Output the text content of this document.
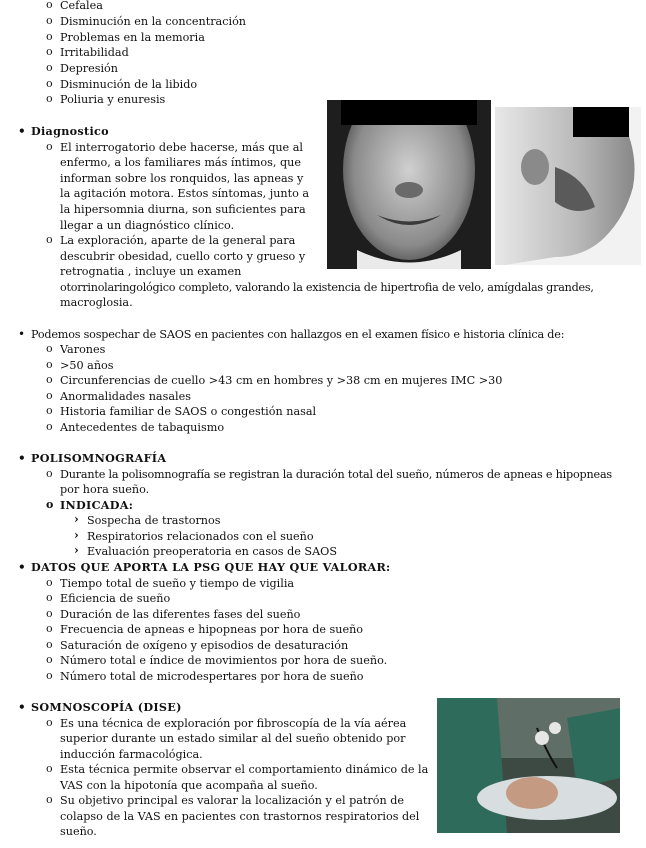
o Cefalea
o Disminución en la concentración
o Problemas en la memoria
o Irritabilidad
o Depresión
o Disminución de la libido
o Poliuria y enuresis
• Diagnostico
o El interrogatorio debe hacerse, más que al
enfermo, a los familiares más íntimos, que
informan sobre los ronquidos, las apneas y
la agitación motora. Estos síntomas, junto a
la hipersomnia diurna, son suficientes para
llegar a un diagnóstico clínico.
o La exploración, aparte de la general para
descubrir obesidad, cuello corto y grueso y
retrognatia , incluye un examen
otorrinolaringológico completo, valorando la existencia de hipertrofia de velo, amígdalas grandes,
macroglosia.
• Podemos sospechar de SAOS en pacientes con hallazgos en el examen físico e historia clínica de:
o Varones
o >50 años
o Circunferencias de cuello >43 cm en hombres y >38 cm en mujeres IMC >30
o Anormalidades nasales
o Historia familiar de SAOS o congestión nasal
o Antecedentes de tabaquismo
• POLISOMNOGRAFÍA
o Durante la polisomnografía se registran la duración total del sueño, números de apneas e hipopneas
por hora sueño.
o INDICADA:
› Sospecha de trastornos
› Respiratorios relacionados con el sueño
› Evaluación preoperatoria en casos de SAOS
• DATOS QUE APORTA LA PSG QUE HAY QUE VALORAR:
o Tiempo total de sueño y tiempo de vigilia
o Eficiencia de sueño
o Duración de las diferentes fases del sueño
o Frecuencia de apneas e hipopneas por hora de sueño
o Saturación de oxígeno y episodios de desaturación
o Número total e índice de movimientos por hora de sueño.
o Número total de microdespertares por hora de sueño
• SOMNOSCOPÍA (DISE)
o Es una técnica de exploración por fibroscopía de la vía aérea
superior durante un estado similar al del sueño obtenido por
inducción farmacológica.
o Esta técnica permite observar el comportamiento dinámico de la
VAS con la hipotonía que acompaña al sueño.
o Su objetivo principal es valorar la localización y el patrón de
colapso de la VAS en pacientes con trastornos respiratorios del
sueño.
